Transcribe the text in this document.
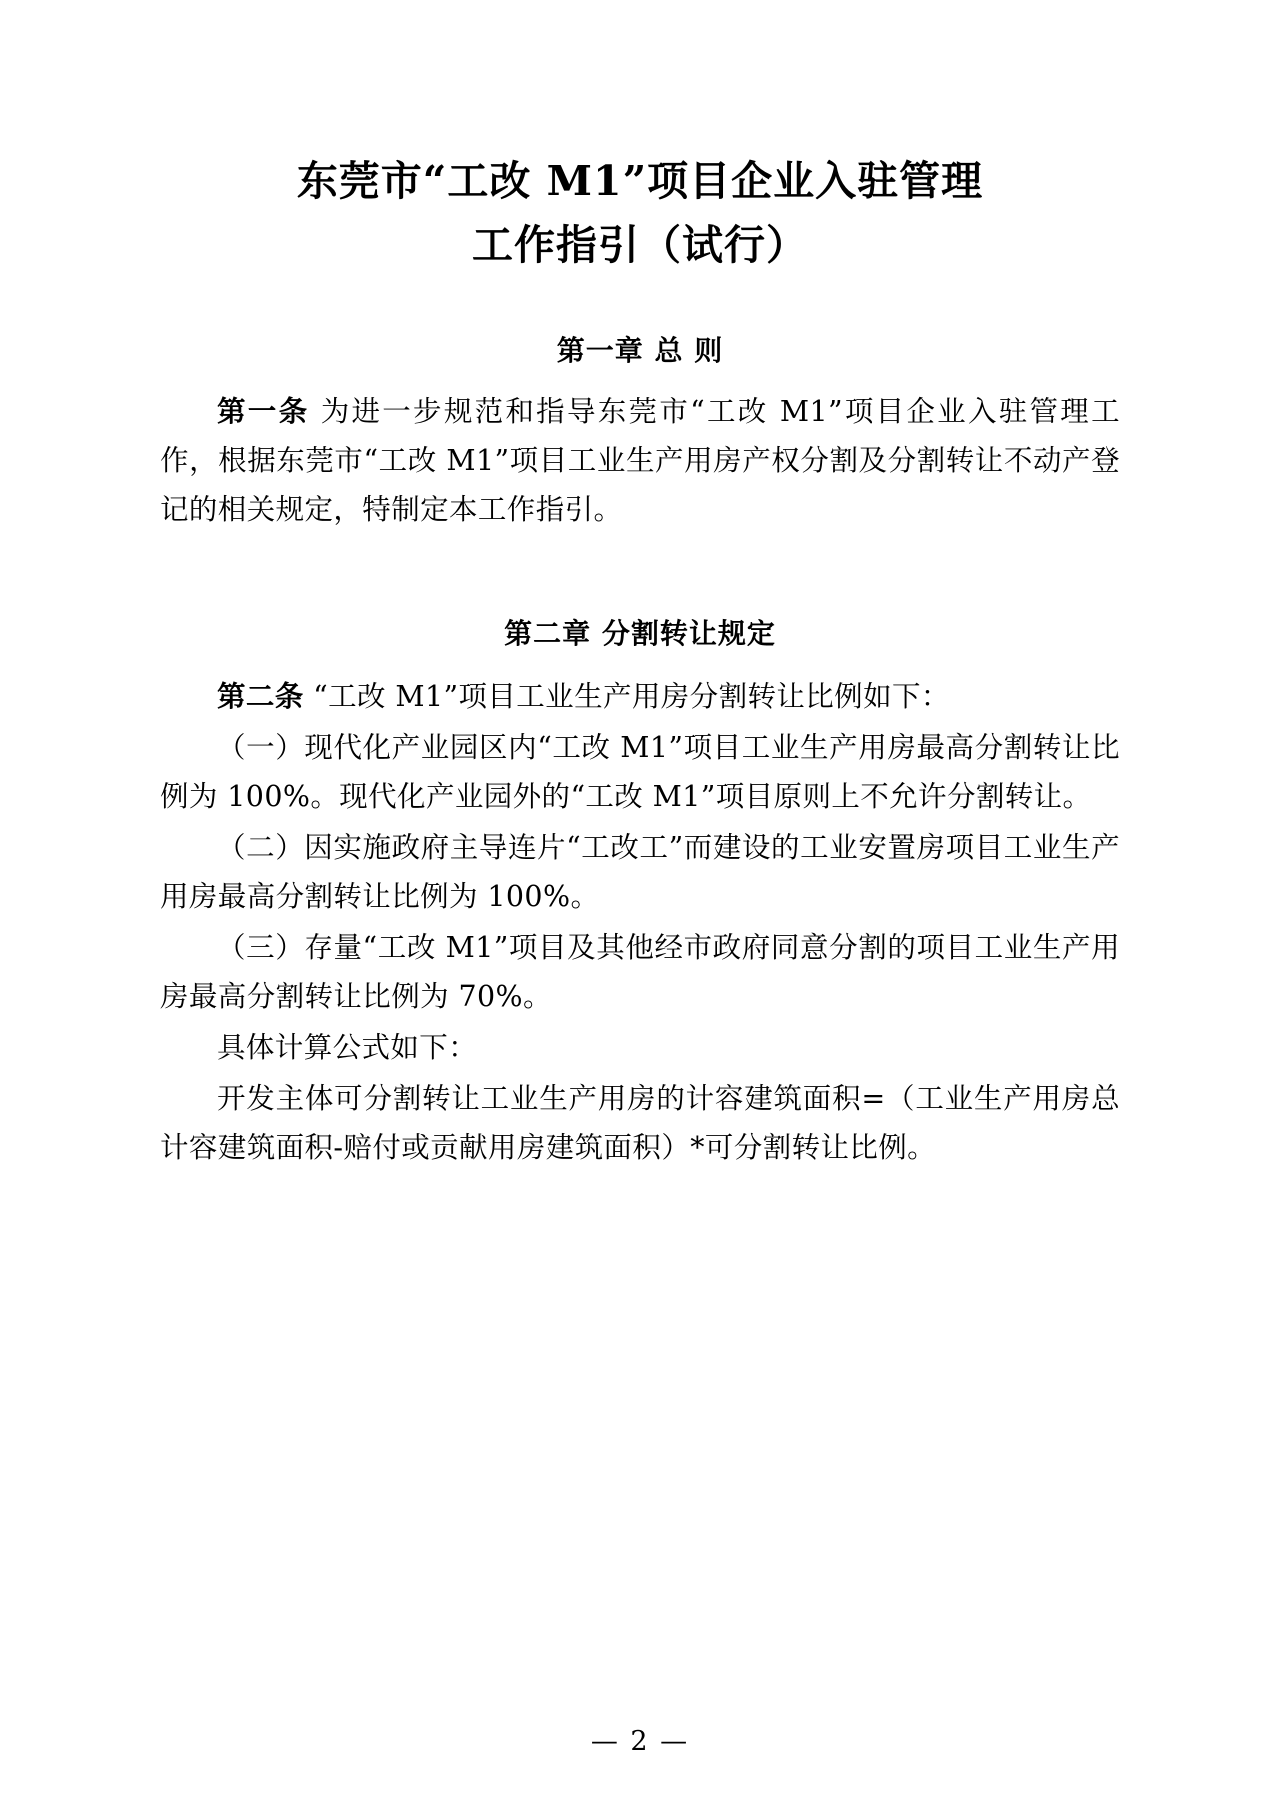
东莞市“工改 M1”项目企业入驻管理
工作指引（试行）
第一章 总 则

第一条 为进一步规范和指导东莞市“工改 M1”项目企业入驻管理工作，根据东莞市“工改 M1”项目工业生产用房产权分割及分割转让不动产登记的相关规定，特制定本工作指引。

第二章 分割转让规定

第二条 “工改 M1”项目工业生产用房分割转让比例如下：

（一）现代化产业园区内“工改 M1”项目工业生产用房最高分割转让比例为 100%。现代化产业园外的“工改 M1”项目原则上不允许分割转让。

（二）因实施政府主导连片“工改工”而建设的工业安置房项目工业生产用房最高分割转让比例为 100%。

（三）存量“工改 M1”项目及其他经市政府同意分割的项目工业生产用房最高分割转让比例为 70%。

具体计算公式如下：

开发主体可分割转让工业生产用房的计容建筑面积=（工业生产用房总计容建筑面积-赔付或贡献用房建筑面积）*可分割转让比例。

— 2 —
